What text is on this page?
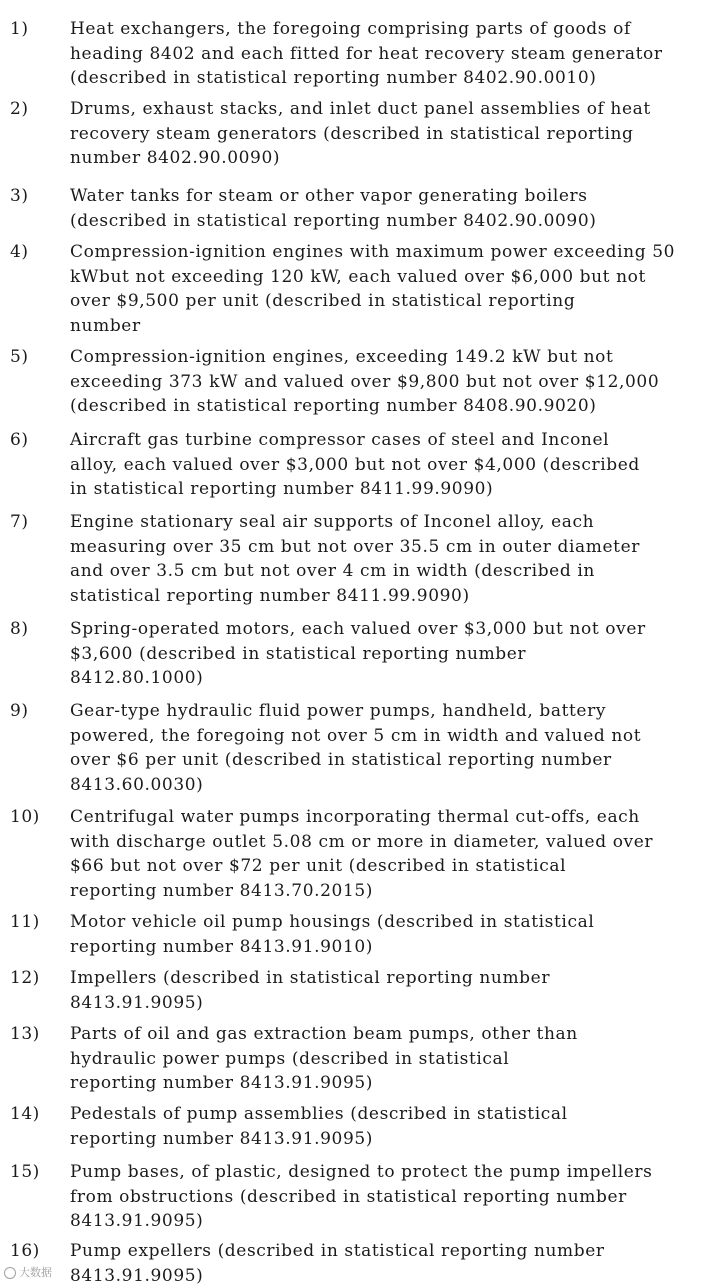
1) Heat exchangers, the foregoing comprising parts of goods of
heading 8402 and each fitted for heat recovery steam generator
(described in statistical reporting number 8402.90.0010)
2) Drums, exhaust stacks, and inlet duct panel assemblies of heat
recovery steam generators (described in statistical reporting
number 8402.90.0090)
3) Water tanks for steam or other vapor generating boilers
(described in statistical reporting number 8402.90.0090)
4) Compression-ignition engines with maximum power exceeding 50
kWbut not exceeding 120 kW, each valued over $6,000 but not
over $9,500 per unit (described in statistical reporting
number
5) Compression-ignition engines, exceeding 149.2 kW but not
exceeding 373 kW and valued over $9,800 but not over $12,000
(described in statistical reporting number 8408.90.9020)
6) Aircraft gas turbine compressor cases of steel and Inconel
alloy, each valued over $3,000 but not over $4,000 (described
in statistical reporting number 8411.99.9090)
7) Engine stationary seal air supports of Inconel alloy, each
measuring over 35 cm but not over 35.5 cm in outer diameter
and over 3.5 cm but not over 4 cm in width (described in
statistical reporting number 8411.99.9090)
8) Spring-operated motors, each valued over $3,000 but not over
$3,600 (described in statistical reporting number
8412.80.1000)
9) Gear-type hydraulic fluid power pumps, handheld, battery
powered, the foregoing not over 5 cm in width and valued not
over $6 per unit (described in statistical reporting number
8413.60.0030)
10) Centrifugal water pumps incorporating thermal cut-offs, each
with discharge outlet 5.08 cm or more in diameter, valued over
$66 but not over $72 per unit (described in statistical
reporting number 8413.70.2015)
11) Motor vehicle oil pump housings (described in statistical
reporting number 8413.91.9010)
12) Impellers (described in statistical reporting number
8413.91.9095)
13) Parts of oil and gas extraction beam pumps, other than
hydraulic power pumps (described in statistical
reporting number 8413.91.9095)
14) Pedestals of pump assemblies (described in statistical
reporting number 8413.91.9095)
15) Pump bases, of plastic, designed to protect the pump impellers
from obstructions (described in statistical reporting number
8413.91.9095)
16) Pump expellers (described in statistical reporting number
8413.91.9095)
大数据
